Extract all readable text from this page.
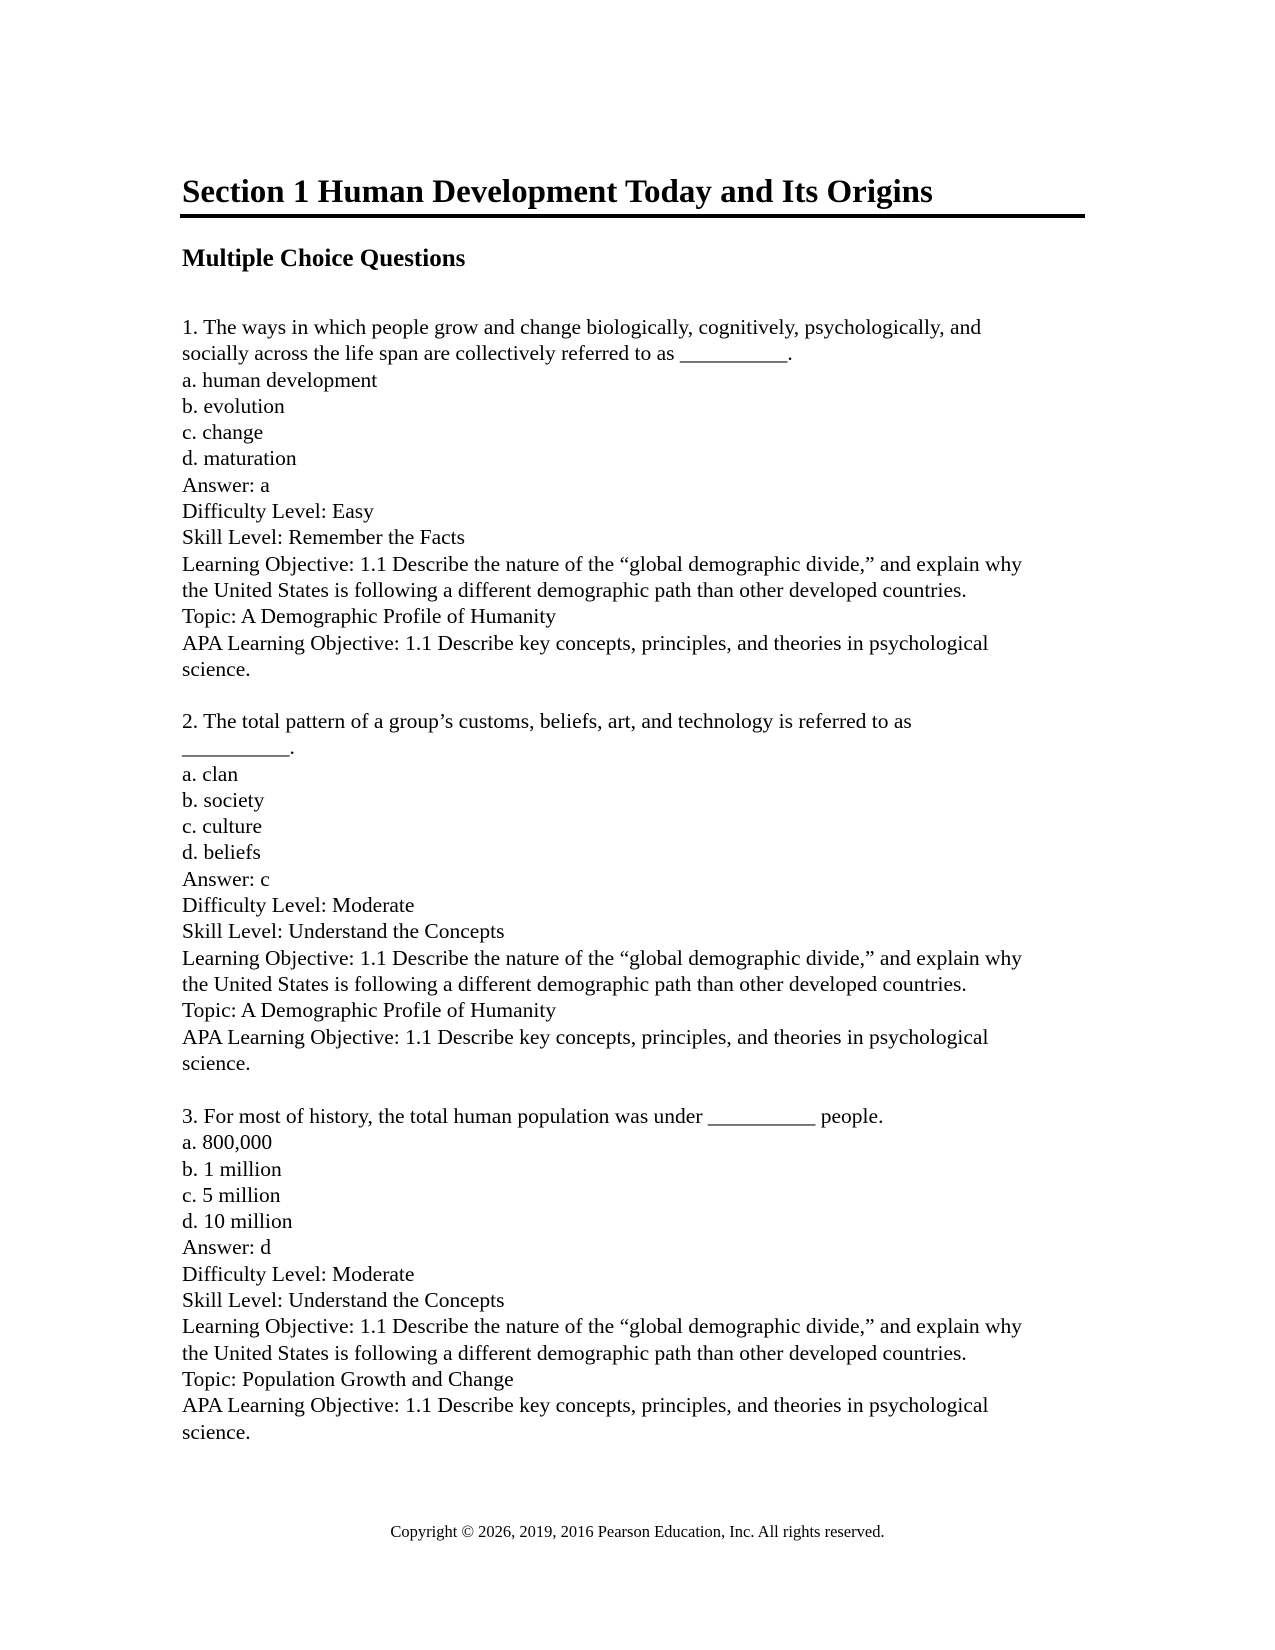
Section 1 Human Development Today and Its Origins
Multiple Choice Questions
1. The ways in which people grow and change biologically, cognitively, psychologically, and
socially across the life span are collectively referred to as __________.
a. human development
b. evolution
c. change
d. maturation
Answer: a
Difficulty Level: Easy
Skill Level: Remember the Facts
Learning Objective: 1.1 Describe the nature of the “global demographic divide,” and explain why
the United States is following a different demographic path than other developed countries.
Topic: A Demographic Profile of Humanity
APA Learning Objective: 1.1 Describe key concepts, principles, and theories in psychological
science.
2. The total pattern of a group’s customs, beliefs, art, and technology is referred to as
__________.
a. clan
b. society
c. culture
d. beliefs
Answer: c
Difficulty Level: Moderate
Skill Level: Understand the Concepts
Learning Objective: 1.1 Describe the nature of the “global demographic divide,” and explain why
the United States is following a different demographic path than other developed countries.
Topic: A Demographic Profile of Humanity
APA Learning Objective: 1.1 Describe key concepts, principles, and theories in psychological
science.
3. For most of history, the total human population was under __________ people.
a. 800,000
b. 1 million
c. 5 million
d. 10 million
Answer: d
Difficulty Level: Moderate
Skill Level: Understand the Concepts
Learning Objective: 1.1 Describe the nature of the “global demographic divide,” and explain why
the United States is following a different demographic path than other developed countries.
Topic: Population Growth and Change
APA Learning Objective: 1.1 Describe key concepts, principles, and theories in psychological
science.
Copyright © 2026, 2019, 2016 Pearson Education, Inc. All rights reserved.
